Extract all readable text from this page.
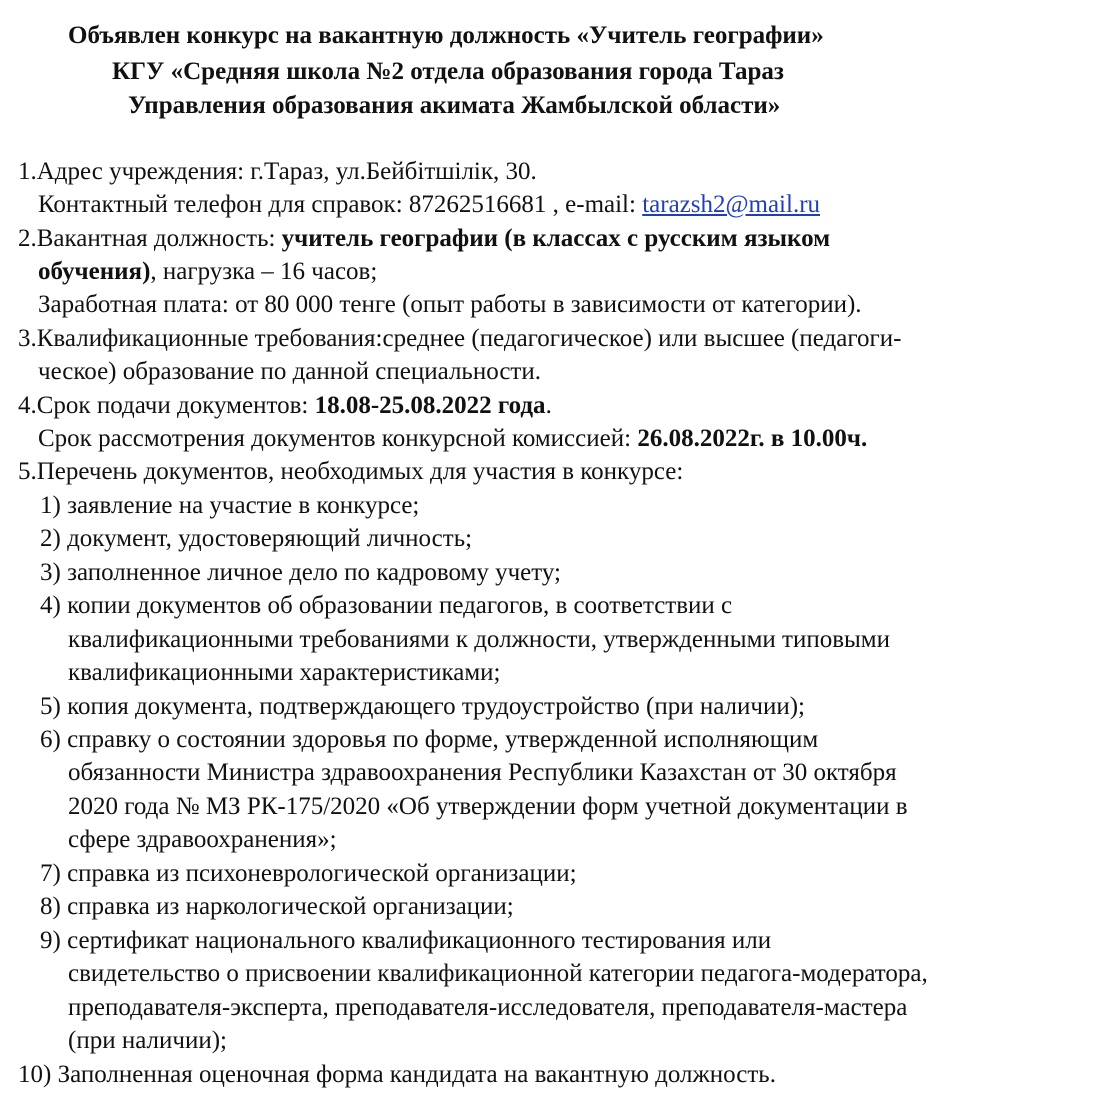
Объявлен конкурс на вакантную должность «Учитель географии»
КГУ «Средняя школа №2 отдела образования города Тараз
Управления образования акимата Жамбылской области»
1.Адрес учреждения: г.Тараз, ул.Бейбітшілік, 30.
Контактный телефон для справок: 87262516681 , e-mail: tarazsh2@mail.ru
2.Вакантная должность: учитель географии (в классах с русским языком
обучения), нагрузка – 16 часов;
Заработная плата: от 80 000 тенге (опыт работы в зависимости от категории).
3.Квалификационные требования:среднее (педагогическое) или высшее (педагоги-
ческое) образование по данной специальности.
4.Срок подачи документов: 18.08-25.08.2022 года.
Срок рассмотрения документов конкурсной комиссией: 26.08.2022г. в 10.00ч.
5.Перечень документов, необходимых для участия в конкурсе:
1) заявление на участие в конкурсе;
2) документ, удостоверяющий личность;
3) заполненное личное дело по кадровому учету;
4) копии документов об образовании педагогов, в соответствии с
квалификационными требованиями к должности, утвержденными типовыми
квалификационными характеристиками;
5) копия документа, подтверждающего трудоустройство (при наличии);
6) справку о состоянии здоровья по форме, утвержденной исполняющим
обязанности Министра здравоохранения Республики Казахстан от 30 октября
2020 года № МЗ РК-175/2020 «Об утверждении форм учетной документации в
сфере здравоохранения»;
7) справка из психоневрологической организации;
8) справка из наркологической организации;
9) сертификат национального квалификационного тестирования или
свидетельство о присвоении квалификационной категории педагога-модератора,
преподавателя-эксперта, преподавателя-исследователя, преподавателя-мастера
(при наличии);
10) Заполненная оценочная форма кандидата на вакантную должность.
